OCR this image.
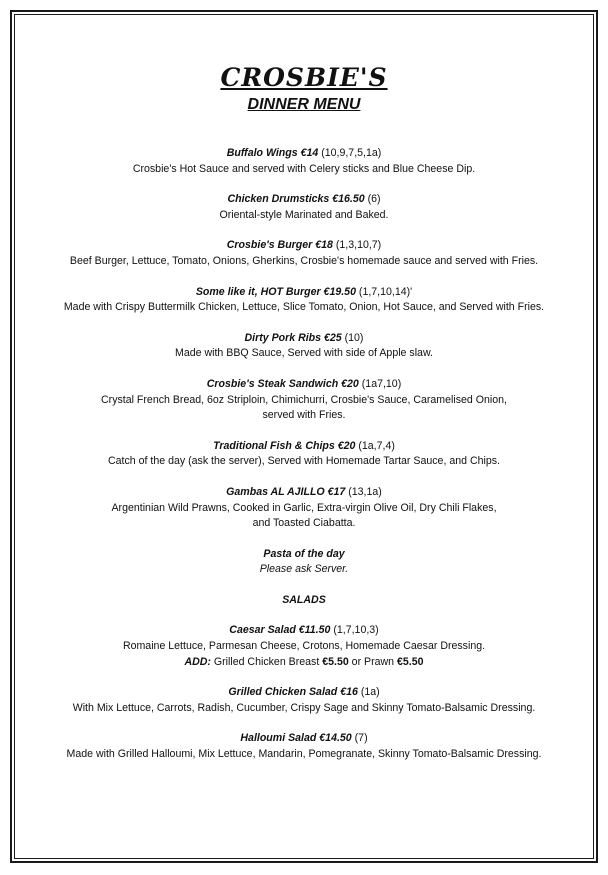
CROSBIE'S
DINNER MENU
Buffalo Wings €14 (10,9,7,5,1a)
Crosbie's Hot Sauce and served with Celery sticks and Blue Cheese Dip.
Chicken Drumsticks €16.50 (6)
Oriental-style Marinated and Baked.
Crosbie's Burger €18 (1,3,10,7)
Beef Burger, Lettuce, Tomato, Onions, Gherkins, Crosbie's homemade sauce and served with Fries.
Some like it, HOT Burger €19.50 (1,7,10,14)'
Made with Crispy Buttermilk Chicken, Lettuce, Slice Tomato, Onion, Hot Sauce, and Served with Fries.
Dirty Pork Ribs €25 (10)
Made with BBQ Sauce, Served with side of Apple slaw.
Crosbie's Steak Sandwich €20 (1a7,10)
Crystal French Bread, 6oz Striploin, Chimichurri, Crosbie's Sauce, Caramelised Onion,
served with Fries.
Traditional Fish & Chips €20 (1a,7,4)
Catch of the day (ask the server), Served with Homemade Tartar Sauce, and Chips.
Gambas AL AJILLO €17 (13,1a)
Argentinian Wild Prawns, Cooked in Garlic, Extra-virgin Olive Oil, Dry Chili Flakes,
and Toasted Ciabatta.
Pasta of the day
Please ask Server.
SALADS
Caesar Salad €11.50 (1,7,10,3)
Romaine Lettuce, Parmesan Cheese, Crotons, Homemade Caesar Dressing.
ADD: Grilled Chicken Breast €5.50 or Prawn €5.50
Grilled Chicken Salad €16 (1a)
With Mix Lettuce, Carrots, Radish, Cucumber, Crispy Sage and Skinny Tomato-Balsamic Dressing.
Halloumi Salad €14.50 (7)
Made with Grilled Halloumi, Mix Lettuce, Mandarin, Pomegranate, Skinny Tomato-Balsamic Dressing.
